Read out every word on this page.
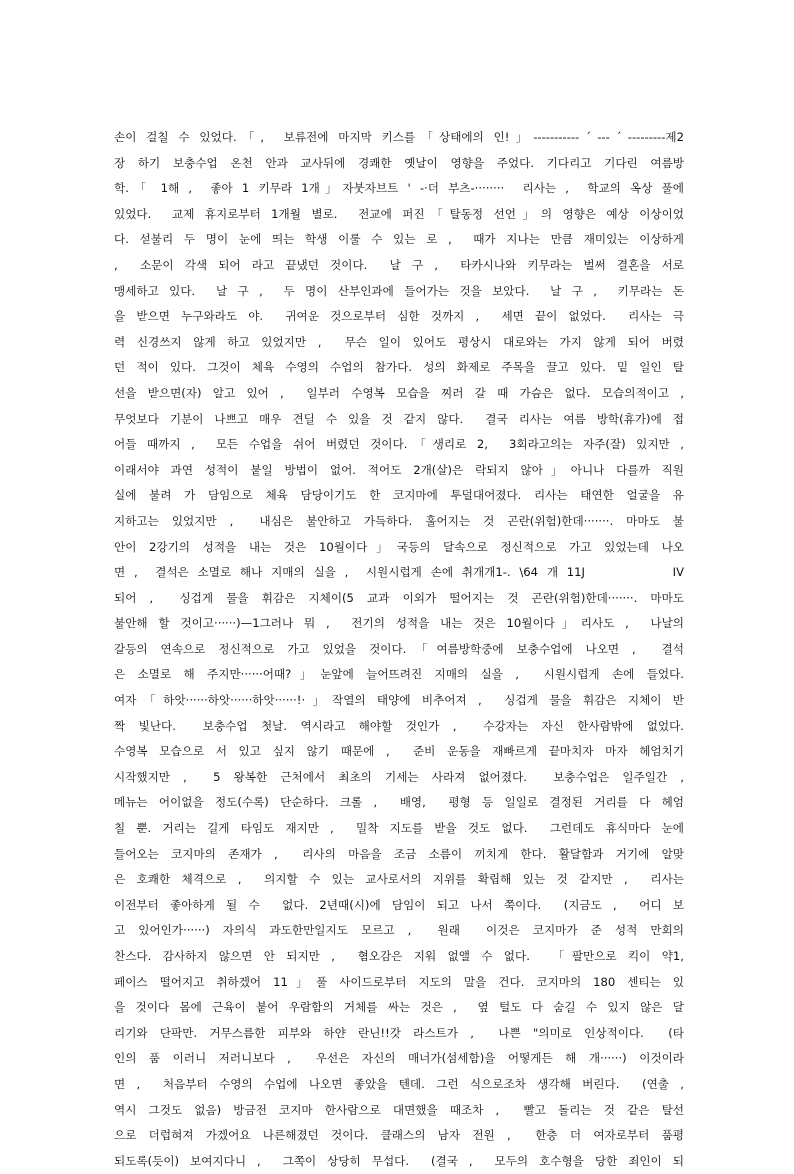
손이 걸칠 수 있었다.「,  보류전에 마지막 키스를「상태에의 인!」-----------ˊ---ˊ---------제2
장 하기 보충수업 온천 안과 교사뒤에 경쾌한 옛날이 영향을 주었다. 기다리고 기다린 여름방
학.「 1해 ,  좋아 1 키무라 1개」자붓자브트 ' -·더 부츠-········  리사는 ,  학교의 옥상 풀에
있었다.  교제 휴지로부터 1개월 별로.  전교에 퍼진「탈동정 선언」의 영향은 예상 이상이었
다. 섣불리 두 명이 눈에 띄는 학생 이룰 수 있는 로 ,  때가 지나는 만큼 재미있는 이상하게
,  소문이 각색 되어 라고 끝냈던 것이다.  날 구 ,  타카시나와 키무라는 벌써 결혼을 서로
맹세하고 있다.  날 구 ,  두 명이 산부인과에 들어가는 것을 보았다.  날 구 ,  키무라는 돈
을 받으면 누구와라도 야.  귀여운 것으로부터 심한 것까지 ,  세면 끝이 없었다.  리사는 극
력 신경쓰지 않게 하고 있었지만 ,  무슨 일이 있어도 평상시 대로와는 가지 않게 되어 버렸
던 적이 있다. 그것이 체육 수영의 수업의 참가다. 성의 화제로 주목을 끌고 있다. 밑 일인 탈
선을 받으면(자) 알고 있어 ,  일부러 수영복 모습을 찌러 갈 때 가슴은 없다. 모습의적이고 ,
무엇보다 기분이 나쁘고 매우 견딜 수 있을 것 같지 않다.  결국 리사는 여름 방학(휴가)에 접
어들 때까지 ,  모든 수업을 쉬어 버렸던 것이다.「생리로 2,  3회라고의는 자주(잘) 있지만 ,
이래서야 과연 성적이 붙일 방법이 없어. 적어도 2개(살)은 락되지 않아」아니나 다를까 직원
실에 불려 가 담임으로 체육 담당이기도 한 코지마에 투덜대어졌다. 리사는 태연한 얼굴을 유
지하고는 있었지만 ,  내심은 불안하고 가득하다. 훌어지는 것 곤란(위험)한데·······. 마마도 불
안이 2강기의 성적을 내는 것은 10월이다」국등의 달속으로 정신적으로 가고 있었는데 나오
면 ,  결석은 소멸로 해나 지매의 실을 ,  시원시럽게 손에 취개개1-. \64 개 11J          IV
되어 ,  싱겁게 물을 휘감은 지체이(5 교과 이외가 떨어지는 것 곤란(위험)한데·······. 마마도
불안해 할 것이고······)—1그러나 뭐 ,  전기의 성적을 내는 것은 10월이다」리사도 ,  나날의
갈등의 연속으로 정신적으로 가고 있었을 것이다.「여름방학중에 보충수업에 나오면 ,  결석
은 소멸로 해 주지만······어때?」눈앞에 늘어뜨려진 지매의 실을 ,  시원시럽게 손에 들었다.
여자「하앗······하앗······하앗······!·」작열의 태양에 비추어져 ,  싱겁게 물을 휘감은 지체이 반
짝 빛난다.  보충수업 첫날. 역시라고 해야할 것인가 ,  수강자는 자신 한사람밖에 없었다.
수영복 모습으로 서 있고 싶지 않기 때문에 ,  준비 운동을 재빠르게 끝마치자 마자 헤엄치기
시작했지만 ,  5 왕복한 근처에서 최초의 기세는 사라져 없어졌다.  보충수업은 일주일간 ,
메뉴는 어이없을 정도(수록) 단순하다. 크롤 ,  배영,  평형 등 일일로 결정된 거리를 다 헤엄
칠 뿐. 거리는 길게 타임도 재지만 ,  밀착 지도를 받을 것도 없다.  그런데도 휴식마다 눈에
들어오는 코지마의 존재가 ,  리사의 마음을 조금 소름이 끼치게 한다. 활달함과 거기에 알맞
은 호쾌한 체격으로 ,  의지할 수 있는 교사로서의 지위를 확립해 있는 것 같지만 ,  리사는
이전부터 좋아하게 될 수  없다. 2년때(시)에 담임이 되고 나서 쭉이다.  (지금도 ,  어디 보
고 있어인가······) 자의식 과도한만일지도 모르고 ,  원래  이것은 코지마가 준 성적 만회의
찬스다. 감사하지 않으면 안 되지만 ,  혐오감은 지워 없앨 수 없다.  「팔만으로 킥이 약1,
페이스 떨어지고 취하겠어 11」풀 사이드로부터 지도의 말을 건다. 코지마의 180 센티는 있
을 것이다 몸에 근육이 붙어 우람함의 거체를 싸는 것은 ,  옆 털도 다 숨길 수 있지 않은 달
리기와 단팍만. 거무스름한 피부와 하얀 란닌!!갓 라스트가 ,  나쁜 "의미로 인상적이다.  (타
인의 품 이러니 저러니보다 ,  우선은 자신의 매너가(섬세함)을 어떻게든 해 개······) 이것이라
면 ,  처음부터 수영의 수업에 나오면 좋았을 텐데. 그런 식으로조차 생각해 버린다.  (연출 ,
역시 그것도 없음) 방금전 코지마 한사람으로 대면했을 때조차 ,  빨고 돌리는 것 같은 탈선
으로 더럽혀져 가겠어요 나른해졌던 것이다. 클래스의 남자 전원 ,  한층 더 여자로부터 품평
되도록(듯이) 보여지다니 ,  그쪽이 상당히 무섭다.  (결국 ,  모두의 호수형을 당한 죄인이 되
